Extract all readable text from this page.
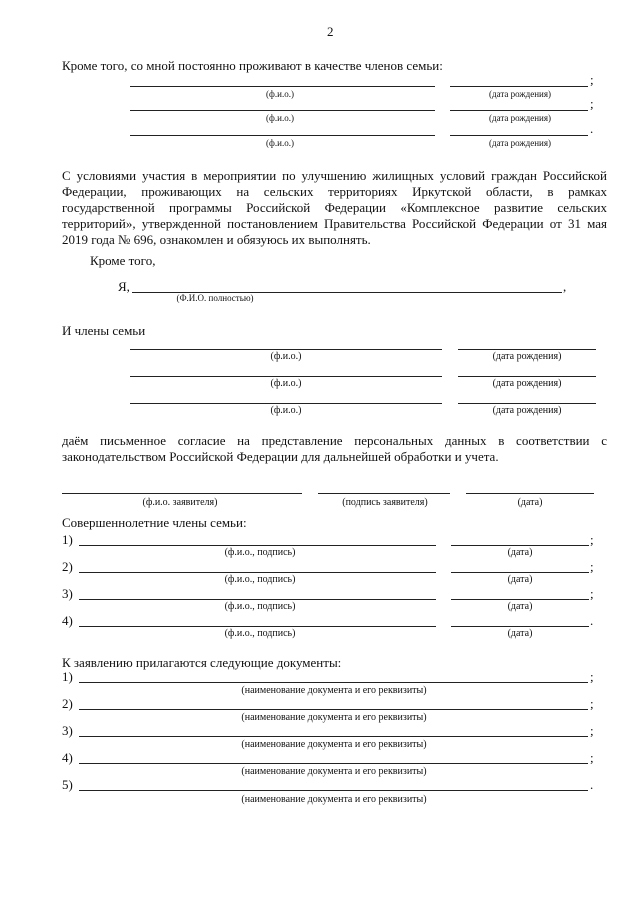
2
Кроме того, со мной постоянно проживают в качестве членов семьи:
;
(ф.и.о.)	(дата рождения)
;
(ф.и.о.)	(дата рождения)
.
(ф.и.о.)	(дата рождения)
С условиями участия в мероприятии по улучшению жилищных условий граждан Российской Федерации, проживающих на сельских территориях Иркутской области, в рамках государственной программы Российской Федерации «Комплексное развитие сельских территорий», утвержденной постановлением Правительства Российской Федерации от 31 мая 2019 года № 696, ознакомлен и обязуюсь их выполнять.
Кроме того,
Я,	,
(Ф.И.О. полностью)
И члены семьи
(ф.и.о.)	(дата рождения)
(ф.и.о.)	(дата рождения)
(ф.и.о.)	(дата рождения)
даём письменное согласие на представление персональных данных в соответствии с законодательством Российской Федерации для дальнейшей обработки и учета.
(ф.и.о. заявителя)	(подпись заявителя)	(дата)
Совершеннолетние члены семьи:
1)	;
(ф.и.о., подпись)	(дата)
2)	;
(ф.и.о., подпись)	(дата)
3)	;
(ф.и.о., подпись)	(дата)
4)	.
(ф.и.о., подпись)	(дата)
К заявлению прилагаются следующие документы:
1)	;
(наименование документа и его реквизиты)
2)	;
(наименование документа и его реквизиты)
3)	;
(наименование документа и его реквизиты)
4)	;
(наименование документа и его реквизиты)
5)	.
(наименование документа и его реквизиты)
